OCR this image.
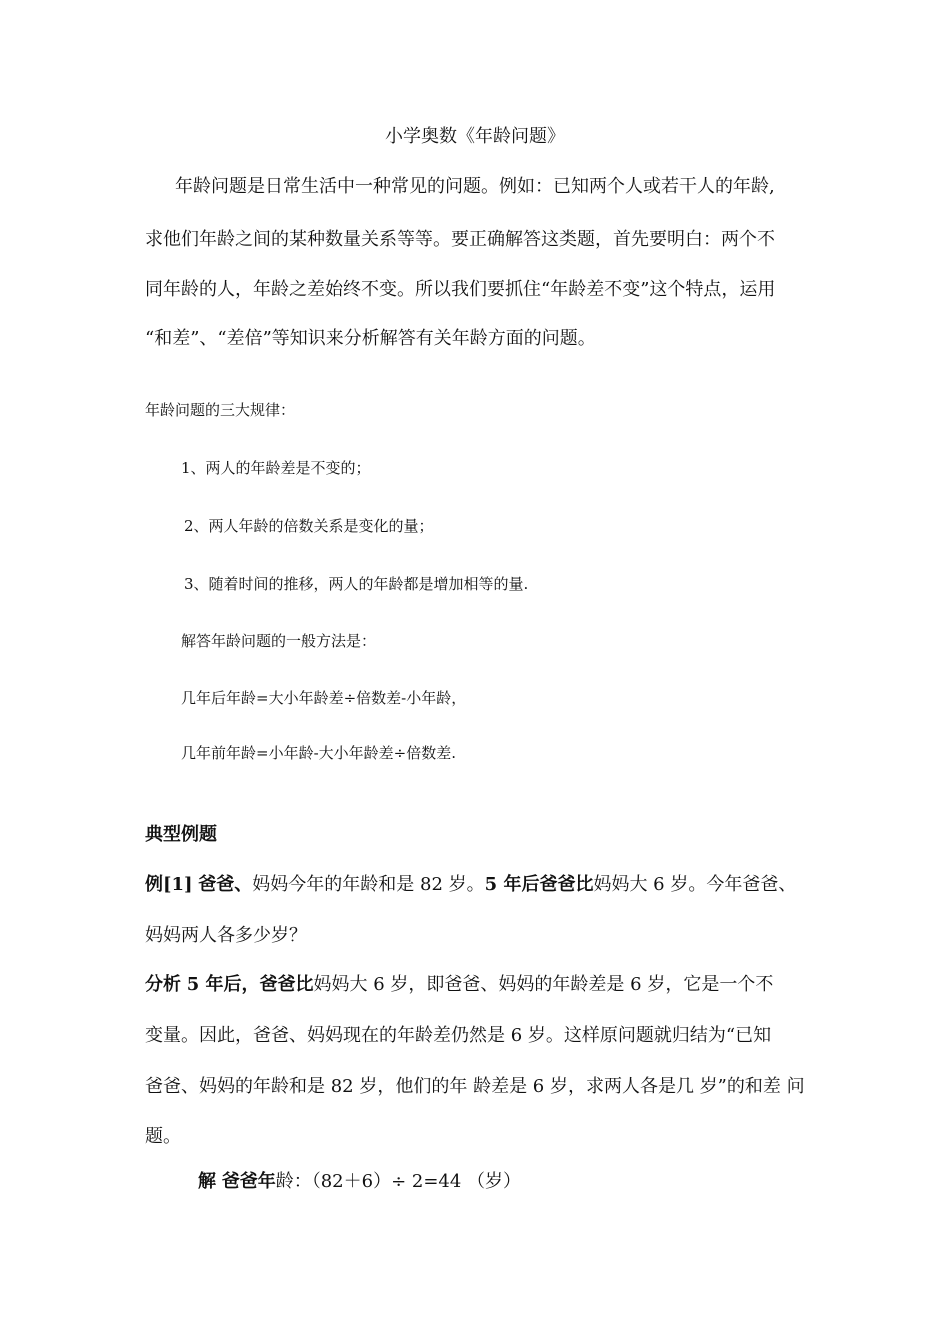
小学奥数《年龄问题》
年龄问题是日常生活中一种常见的问题。例如：已知两个人或若干人的年龄,
求他们年龄之间的某种数量关系等等。要正确解答这类题，首先要明白：两个不
同年龄的人，年龄之差始终不变。所以我们要抓住“年龄差不变”这个特点，运用
“和差”、“差倍”等知识来分析解答有关年龄方面的问题。
年龄问题的三大规律：
1、两人的年龄差是不变的；
2、两人年龄的倍数关系是变化的量；
3、随着时间的推移，两人的年龄都是增加相等的量.
解答年龄问题的一般方法是：
几年后年龄=大小年龄差÷倍数差-小年龄，
几年前年龄=小年龄-大小年龄差÷倍数差.
典型例题
例[1] 爸爸、妈妈今年的年龄和是 82 岁。5 年后爸爸比妈妈大 6 岁。今年爸爸、
妈妈两人各多少岁？
分析 5 年后，爸爸比妈妈大 6 岁，即爸爸、妈妈的年龄差是 6 岁，它是一个不
变量。因此，爸爸、妈妈现在的年龄差仍然是 6 岁。这样原问题就归结为“已知
爸爸、妈妈的年龄和是 82 岁，他们的年 龄差是 6 岁，求两人各是几 岁”的和差 问
题。
解 爸爸年龄：（82＋6）÷ 2=44 （岁）
